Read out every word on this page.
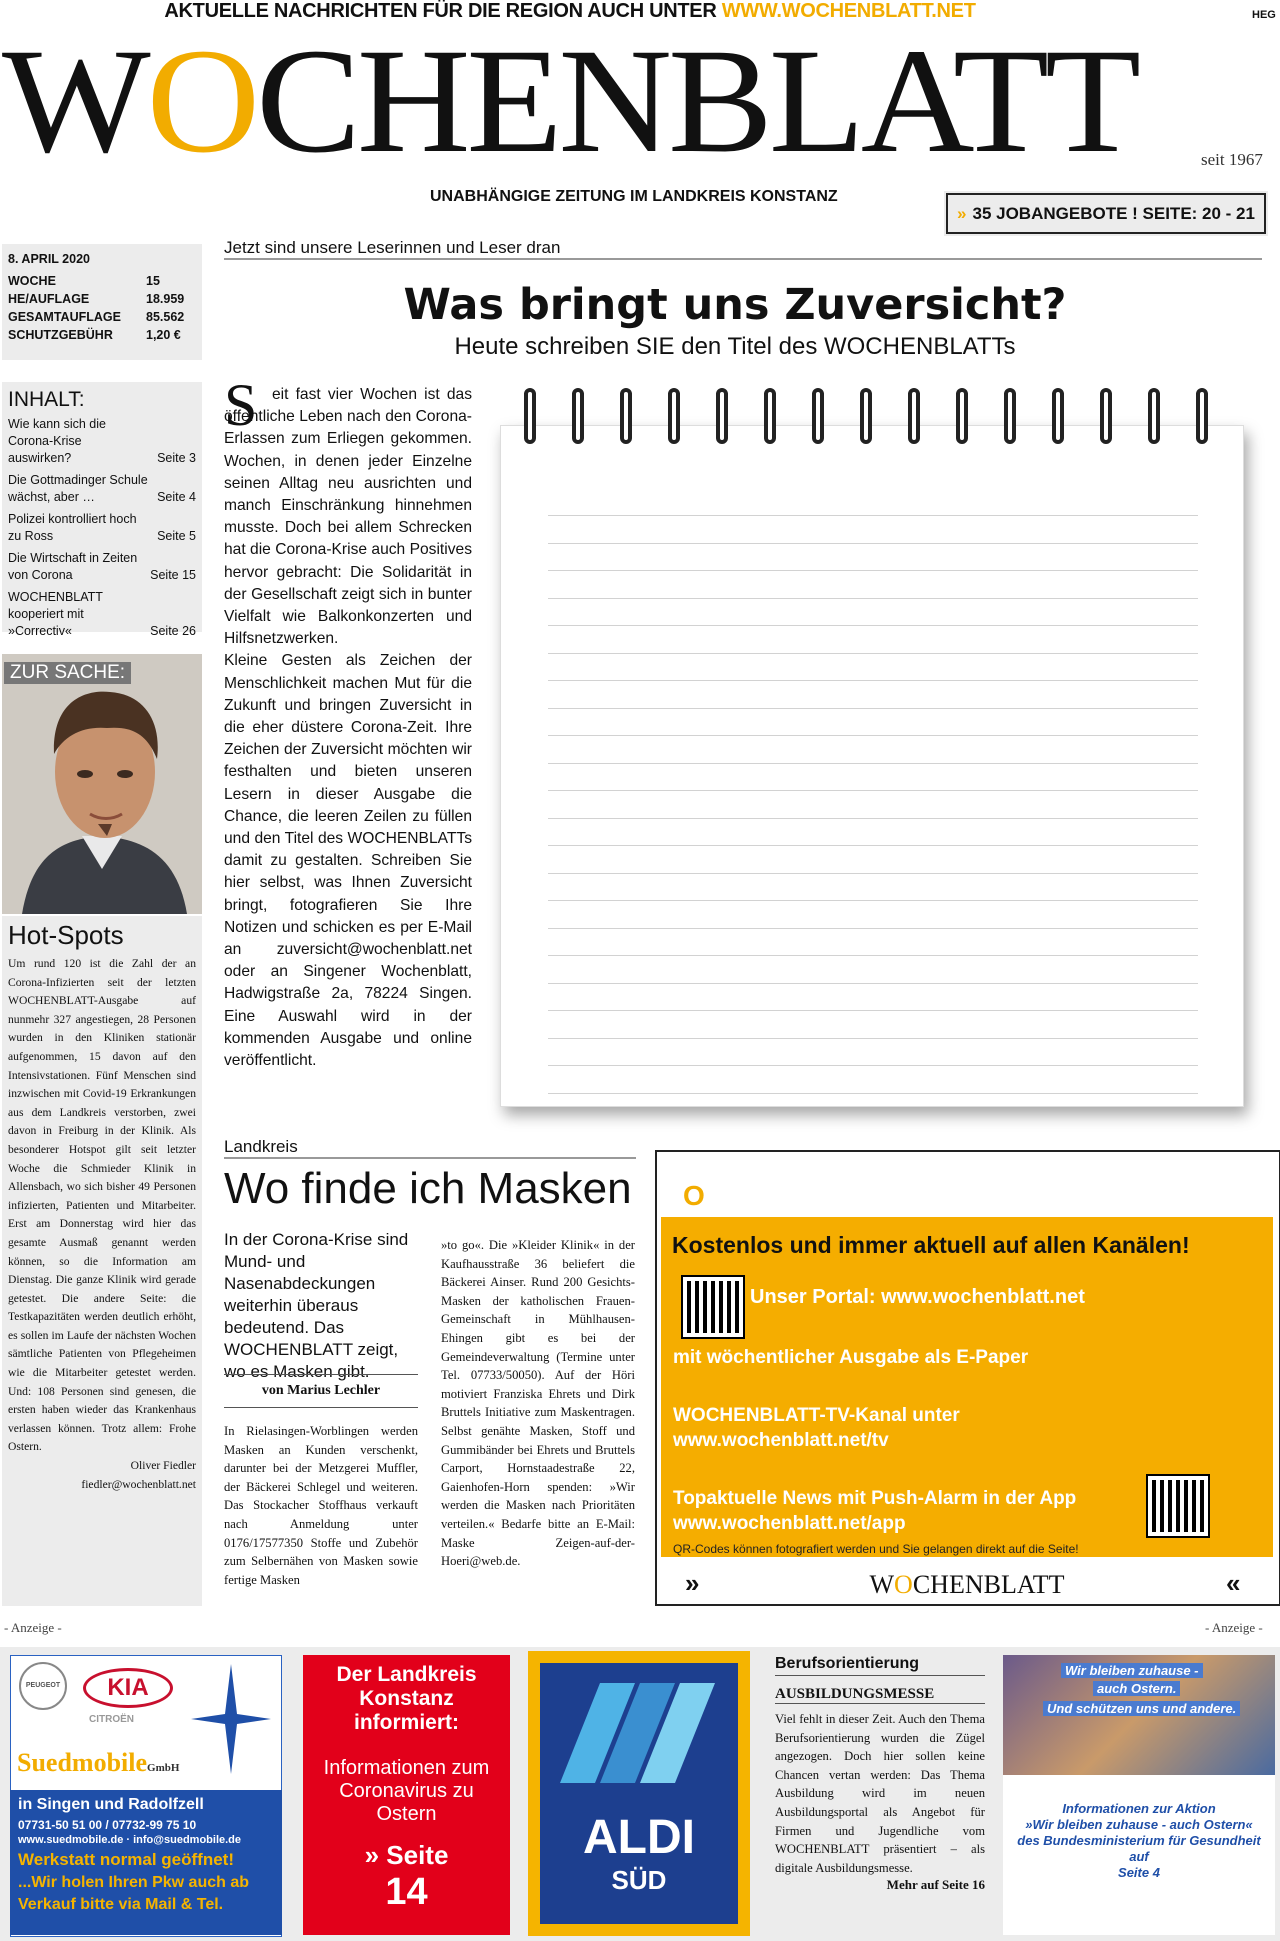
AKTUELLE NACHRICHTEN FÜR DIE REGION AUCH UNTER WWW.WOCHENBLATT.NET	HEG
WOCHENBLATT	seit 1967
UNABHÄNGIGE ZEITUNG IM LANDKREIS KONSTANZ
» 35 JOBANGEBOTE ! SEITE: 20 - 21
8. APRIL 2020
WOCHE	15
HE/AUFLAGE	18.959
GESAMTAUFLAGE 85.562
SCHUTZGEBÜHR	1,20 €
INHALT:
Wie kann sich die Corona-Krise auswirken?	Seite 3
Die Gottmadinger Schule wächst, aber …	Seite 4
Polizei kontrolliert hoch zu Ross	Seite 5
Die Wirtschaft in Zeiten von Corona	Seite 15
WOCHENBLATT kooperiert mit »Correctiv«	Seite 26
ZUR SACHE:
Hot-Spots

Um rund 120 ist die Zahl der an Corona-Infizierten seit der letzten WOCHENBLATT-Ausgabe auf nunmehr 327 angestiegen, 28 Personen wurden in den Kliniken stationär aufgenommen, 15 davon auf den Intensivstationen. Fünf Menschen sind inzwischen mit Covid-19 Erkrankungen aus dem Landkreis verstorben, zwei davon in Freiburg in der Klinik. Als besonderer Hotspot gilt seit letzter Woche die Schmieder Klinik in Allensbach, wo sich bisher 49 Personen infizierten, Patienten und Mitarbeiter. Erst am Donnerstag wird hier das gesamte Ausmaß genannt werden können, so die Information am Dienstag. Die ganze Klinik wird gerade getestet. Die andere Seite: die Testkapazitäten werden deutlich erhöht, es sollen im Laufe der nächsten Wochen sämtliche Patienten von Pflegeheimen wie die Mitarbeiter getestet werden. Und: 108 Personen sind genesen, die ersten haben wieder das Krankenhaus verlassen können. Trotz allem: Frohe Ostern.

Oliver Fiedler

fiedler@wochenblatt.net

Jetzt sind unsere Leserinnen und Leser dran
Was bringt uns Zuversicht?
Heute schreiben SIE den Titel des WOCHENBLATTs
S eit fast vier Wochen ist das öffentliche Leben nach den Corona-Erlassen zum Erliegen gekommen. Wochen, in denen jeder Einzelne seinen Alltag neu ausrichten und manch Einschränkung hinnehmen musste. Doch bei allem Schrecken hat die Corona-Krise auch Positives hervor gebracht: Die Solidarität in der Gesellschaft zeigt sich in bunter Vielfalt wie Balkonkonzerten und Hilfsnetzwerken.

Kleine Gesten als Zeichen der Menschlichkeit machen Mut für die Zukunft und bringen Zuversicht in die eher düstere Corona-Zeit. Ihre Zeichen der Zuversicht möchten wir festhalten und bieten unseren Lesern in dieser Ausgabe die Chance, die leeren Zeilen zu füllen und den Titel des WOCHENBLATTs damit zu gestalten. Schreiben Sie hier selbst, was Ihnen Zuversicht bringt, fotografieren Sie Ihre Notizen und schicken es per E-Mail an zuversicht@wochenblatt.net oder an Singener Wochenblatt, Hadwigstraße 2a, 78224 Singen. Eine Auswahl wird in der kommenden Ausgabe und online veröffentlicht.

Landkreis
Wo finde ich Masken
In der Corona-Krise sind Mund- und Nasenabdeckungen weiterhin überaus bedeutend. Das WOCHENBLATT zeigt, wo es Masken gibt.
von Marius Lechler

In Rielasingen-Worblingen werden Masken an Kunden verschenkt, darunter bei der Metzgerei Muffler, der Bäckerei Schlegel und weiteren. Das Stockacher Stoffhaus verkauft nach Anmeldung unter 0176/17577350 Stoffe und Zubehör zum Selbernähen von Masken sowie fertige Masken

»to go«. Die »Kleider Klinik« in der Kaufhausstraße 36 beliefert die Bäckerei Ainser. Rund 200 Gesichts-Masken der katholischen Frauen-Gemeinschaft in Mühlhausen-Ehingen gibt es bei der Gemeindeverwaltung (Termine unter Tel. 07733/50050). Auf der Höri motiviert Franziska Ehrets und Dirk Bruttels Initiative zum Maskentragen. Selbst genähte Masken, Stoff und Gummibänder bei Ehrets und Bruttels Carport, Hornstaadestraße 22, Gaienhofen-Horn spenden: »Wir werden die Masken nach Prioritäten verteilen.« Bedarfe bitte an E-Mail: Maske Zeigen-auf-der-Hoeri@web.de.

O
Kostenlos und immer aktuell auf allen Kanälen!
Unser Portal: www.wochenblatt.net
mit wöchentlicher Ausgabe als E-Paper
WOCHENBLATT-TV-Kanal unter
www.wochenblatt.net/tv
Topaktuelle News mit Push-Alarm in der App
www.wochenblatt.net/app
QR-Codes können fotografiert werden und Sie gelangen direkt auf die Seite!
WOCHENBLATT
»	«
- Anzeige -	- Anzeige -
PEUGEOT	KIA
CITROËN
SuedmobileGmbH
in Singen und Radolfzell
07731-50 51 00 / 07732-99 75 10
www.suedmobile.de · info@suedmobile.de
Werkstatt normal geöffnet!
...Wir holen Ihren Pkw auch ab
Verkauf bitte via Mail & Tel.
Der Landkreis Konstanz informiert:
Informationen zum Coronavirus zu Ostern
» Seite
14
ALDI
SÜD
Berufsorientierung
AUSBILDUNGSMESSE
Viel fehlt in dieser Zeit. Auch den Thema Berufsorientierung wurden die Zügel angezogen. Doch hier sollen keine Chancen vertan werden: Das Thema Ausbildung wird im neuen Ausbildungsportal als Angebot für Firmen und Jugendliche vom WOCHENBLATT präsentiert – als digitale Ausbildungsmesse.
Mehr auf Seite 16
Wir bleiben zuhause -
auch Ostern.
Und schützen uns und andere.
Informationen zur Aktion
»Wir bleiben zuhause - auch Ostern«
des Bundesministerium für Gesundheit
auf
Seite 4
